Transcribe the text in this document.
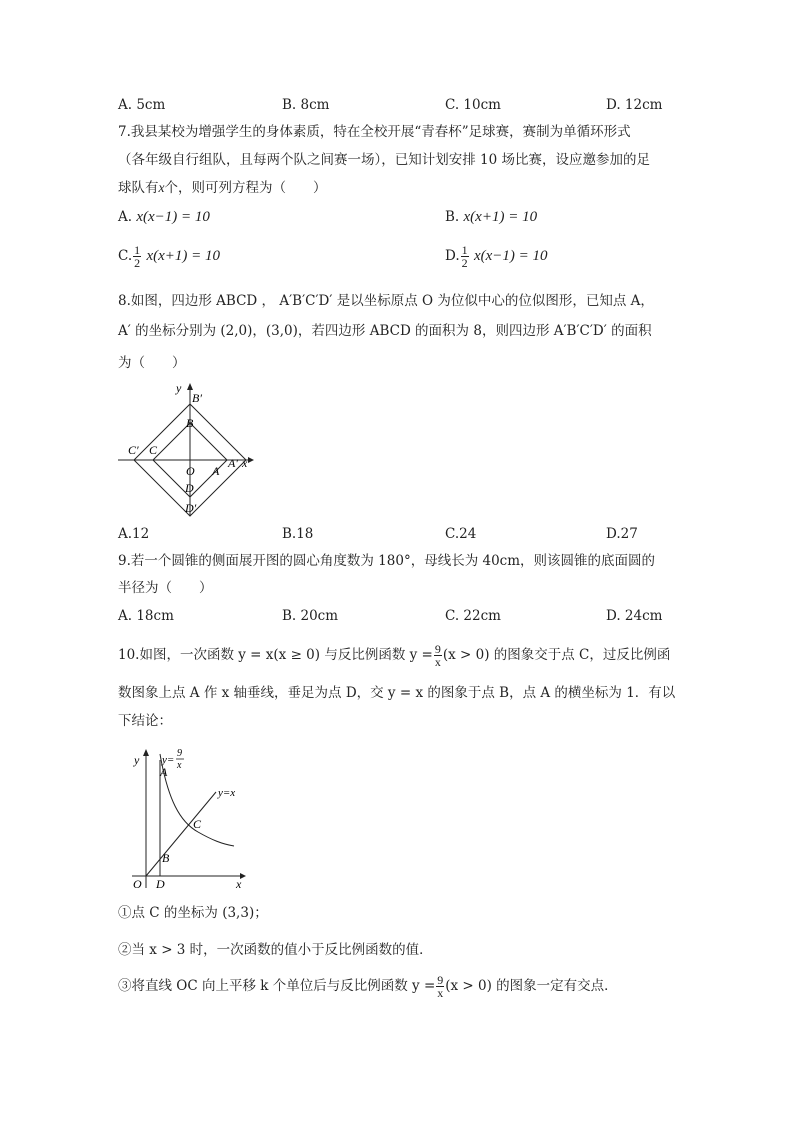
A. 5cm	B. 8cm	C. 10cm	D. 12cm
7.我县某校为增强学生的身体素质，特在全校开展“青春杯”足球赛，赛制为单循环形式
（各年级自行组队，且每两个队之间赛一场），已知计划安排 10 场比赛，设应邀参加的足
球队有x个，则可列方程为（　　）
A. x(x−1) = 10	B. x(x+1) = 10
C. $\frac{1}{2} x(x+1) = 10$	D. $\frac{1}{2} x(x-1) = 10$
8.如图，四边形 ABCD ， A′B′C′D′ 是以坐标原点 O 为位似中心的位似图形，已知点 A，
A′ 的坐标分别为 (2,0)，(3,0)，若四边形 ABCD 的面积为 8，则四边形 A′B′C′D′ 的面积
为（　　）
y
B′
B
C′ C
O A
A′ x
D
D′
A.12	B.18	C.24	D.27
9.若一个圆锥的侧面展开图的圆心角度数为 180°，母线长为 40cm，则该圆锥的底面圆的
半径为（　　）
A. 18cm	B. 20cm	C. 22cm	D. 24cm
10.如图，一次函数 y = x(x ≥ 0) 与反比例函数 $y = \frac{9}{x} (x > 0)$ 的图象交于点 C，过反比例函
数图象上点 A 作 x 轴垂线，垂足为点 D，交 y = x 的图象于点 B，点 A 的横坐标为 1．有以
下结论：
y y=
9
x
A
y=x
C
B
O D	x
①点 C 的坐标为 (3,3)；
②当 x > 3 时，一次函数的值小于反比例函数的值．
③将直线 OC 向上平移 k 个单位后与反比例函数 $y = \frac{9}{x} (x > 0)$ 的图象一定有交点．
